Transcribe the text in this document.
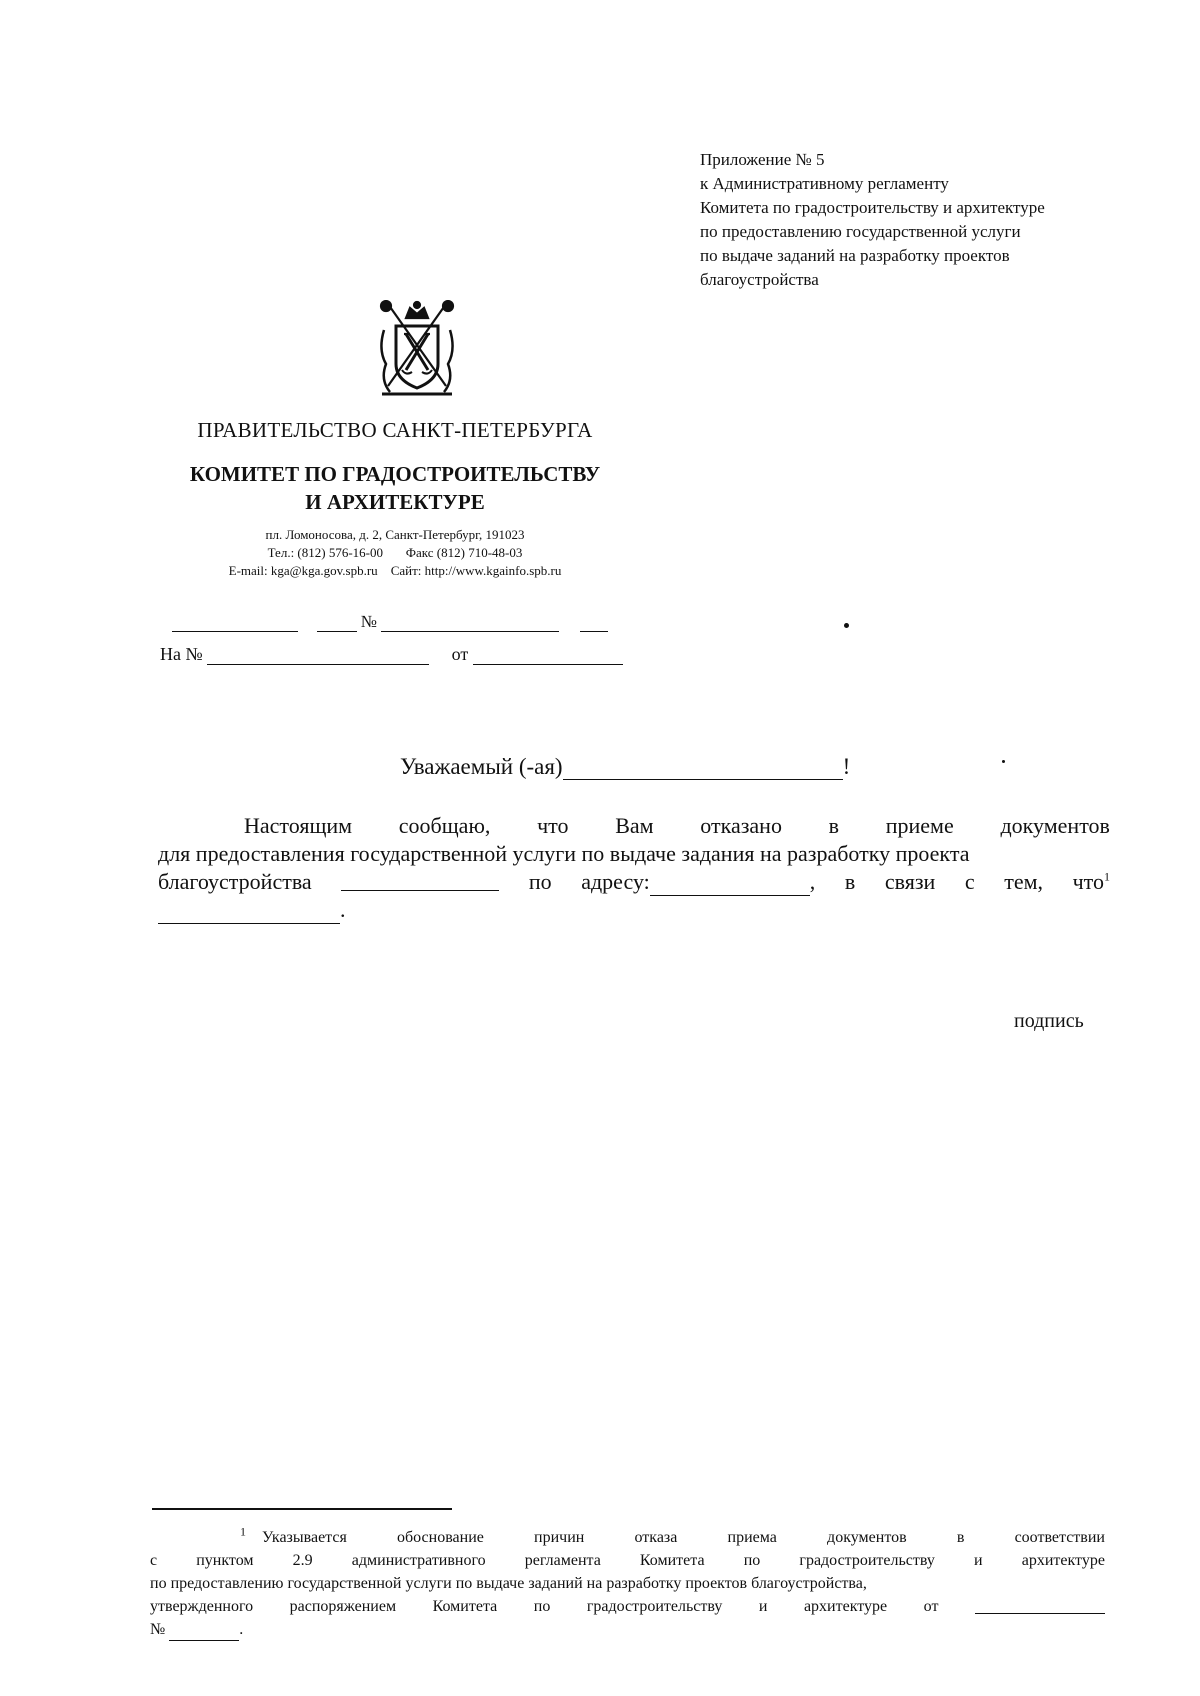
Приложение № 5
к Административному регламенту
Комитета по градостроительству и архитектуре
по предоставлению государственной услуги
по выдаче заданий на разработку проектов
благоустройства
ПРАВИТЕЛЬСТВО САНКТ-ПЕТЕРБУРГА
КОМИТЕТ ПО ГРАДОСТРОИТЕЛЬСТВУ
И АРХИТЕКТУРЕ
пл. Ломоносова, д. 2, Санкт-Петербург, 191023
Тел.: (812) 576-16-00 Факс (812) 710-48-03
E-mail: kga@kga.gov.spb.ru Сайт: http://www.kgainfo.spb.ru
№
На №	от
Уважаемый (-ая)	!
Настоящим сообщаю, что Вам отказано в приеме документов
для предоставления государственной услуги по выдаче задания на разработку проекта
благоустройства	по адресу:	, в связи с тем, что$^1$
.
подпись
$^1$ Указывается	обоснование	причин	отказа	приема	документов	в	соответствии
с пунктом 2.9 административного регламента Комитета по градостроительству и архитектуре
по предоставлению государственной услуги по выдаче заданий на разработку проектов благоустройства,
утвержденного распоряжением Комитета по градостроительству и архитектуре от
№	.
